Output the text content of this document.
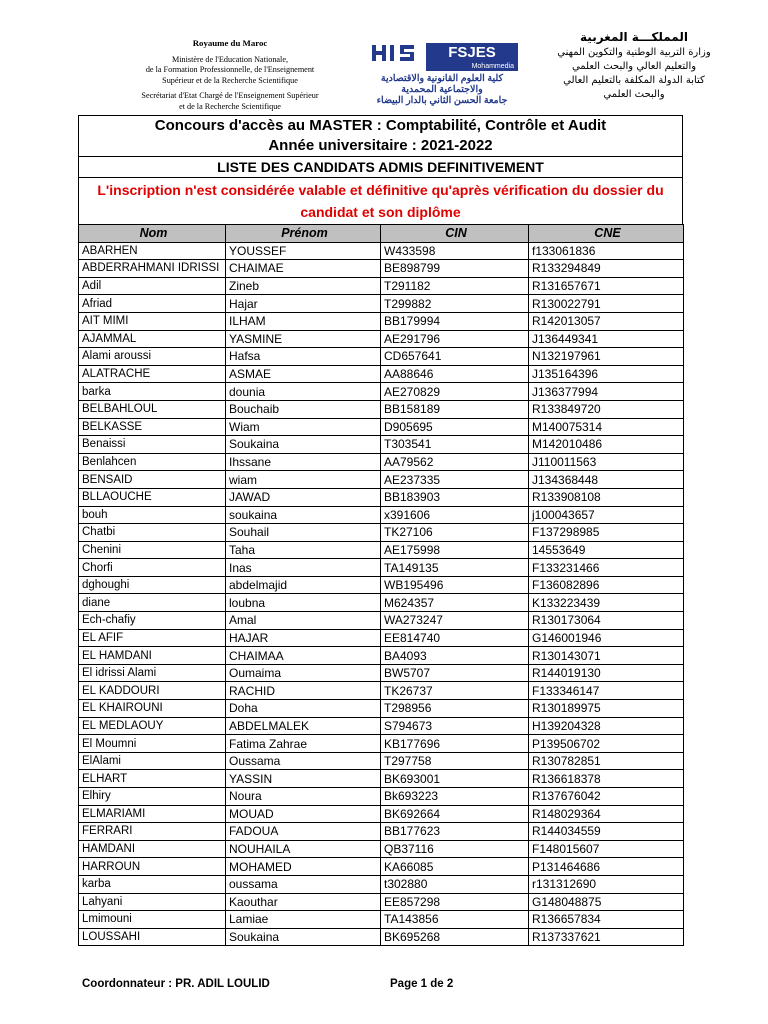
Royaume du Maroc
Ministère de l'Education Nationale,
de la Formation Professionnelle, de l'Enseignement
Supérieur et de la Recherche Scientifique
Secrétariat d'Etat Chargé de l'Enseignement Supérieur
et de la Recherche Scientifique
FSJES
Mohammedia
كلية العلوم القانونية والاقتصادية
والاجتماعية المحمدية
جامعة الحسن الثاني بالدار البيضاء
المملكـــة المغربية
وزارة التربية الوطنية والتكوين المهني
والتعليم العالي والبحث العلمي
كتابة الدولة المكلفة بالتعليم العالي
والبحث العلمي
Concours d'accès au MASTER : Comptabilité, Contrôle et Audit
Année universitaire : 2021-2022
LISTE DES CANDIDATS ADMIS DEFINITIVEMENT
L'inscription n'est considérée valable et définitive qu'après vérification du dossier du candidat et son diplôme
Nom	Prénom	CIN	CNE
ABARHEN	YOUSSEF	W433598	f133061836
ABDERRAHMANI IDRISSI	CHAIMAE	BE898799	R133294849
Adil	Zineb	T291182	R131657671
Afriad	Hajar	T299882	R130022791
AIT MIMI	ILHAM	BB179994	R142013057
AJAMMAL	YASMINE	AE291796	J136449341
Alami aroussi	Hafsa	CD657641	N132197961
ALATRACHE	ASMAE	AA88646	J135164396
barka	dounia	AE270829	J136377994
BELBAHLOUL	Bouchaib	BB158189	R133849720
BELKASSE	Wiam	D905695	M140075314
Benaissi	Soukaina	T303541	M142010486
Benlahcen	Ihssane	AA79562	J110011563
BENSAID	wiam	AE237335	J134368448
BLLAOUCHE	JAWAD	BB183903	R133908108
bouh	soukaina	x391606	j100043657
Chatbi	Souhail	TK27106	F137298985
Chenini	Taha	AE175998	14553649
Chorfi	Inas	TA149135	F133231466
dghoughi	abdelmajid	WB195496	F136082896
diane	loubna	M624357	K133223439
Ech-chafiy	Amal	WA273247	R130173064
EL AFIF	HAJAR	EE814740	G146001946
EL HAMDANI	CHAIMAA	BA4093	R130143071
El idrissi Alami	Oumaima	BW5707	R144019130
EL KADDOURI	RACHID	TK26737	F133346147
EL KHAIROUNI	Doha	T298956	R130189975
EL MEDLAOUY	ABDELMALEK	S794673	H139204328
El Moumni	Fatima Zahrae	KB177696	P139506702
ElAlami	Oussama	T297758	R130782851
ELHART	YASSIN	BK693001	R136618378
Elhiry	Noura	Bk693223	R137676042
ELMARIAMI	MOUAD	BK692664	R148029364
FERRARI	FADOUA	BB177623	R144034559
HAMDANI	NOUHAILA	QB37116	F148015607
HARROUN	MOHAMED	KA66085	P131464686
karba	oussama	t302880	r131312690
Lahyani	Kaouthar	EE857298	G148048875
Lmimouni	Lamiae	TA143856	R136657834
LOUSSAHI	Soukaina	BK695268	R137337621
Coordonnateur : PR. ADIL LOULID	Page 1 de 2
